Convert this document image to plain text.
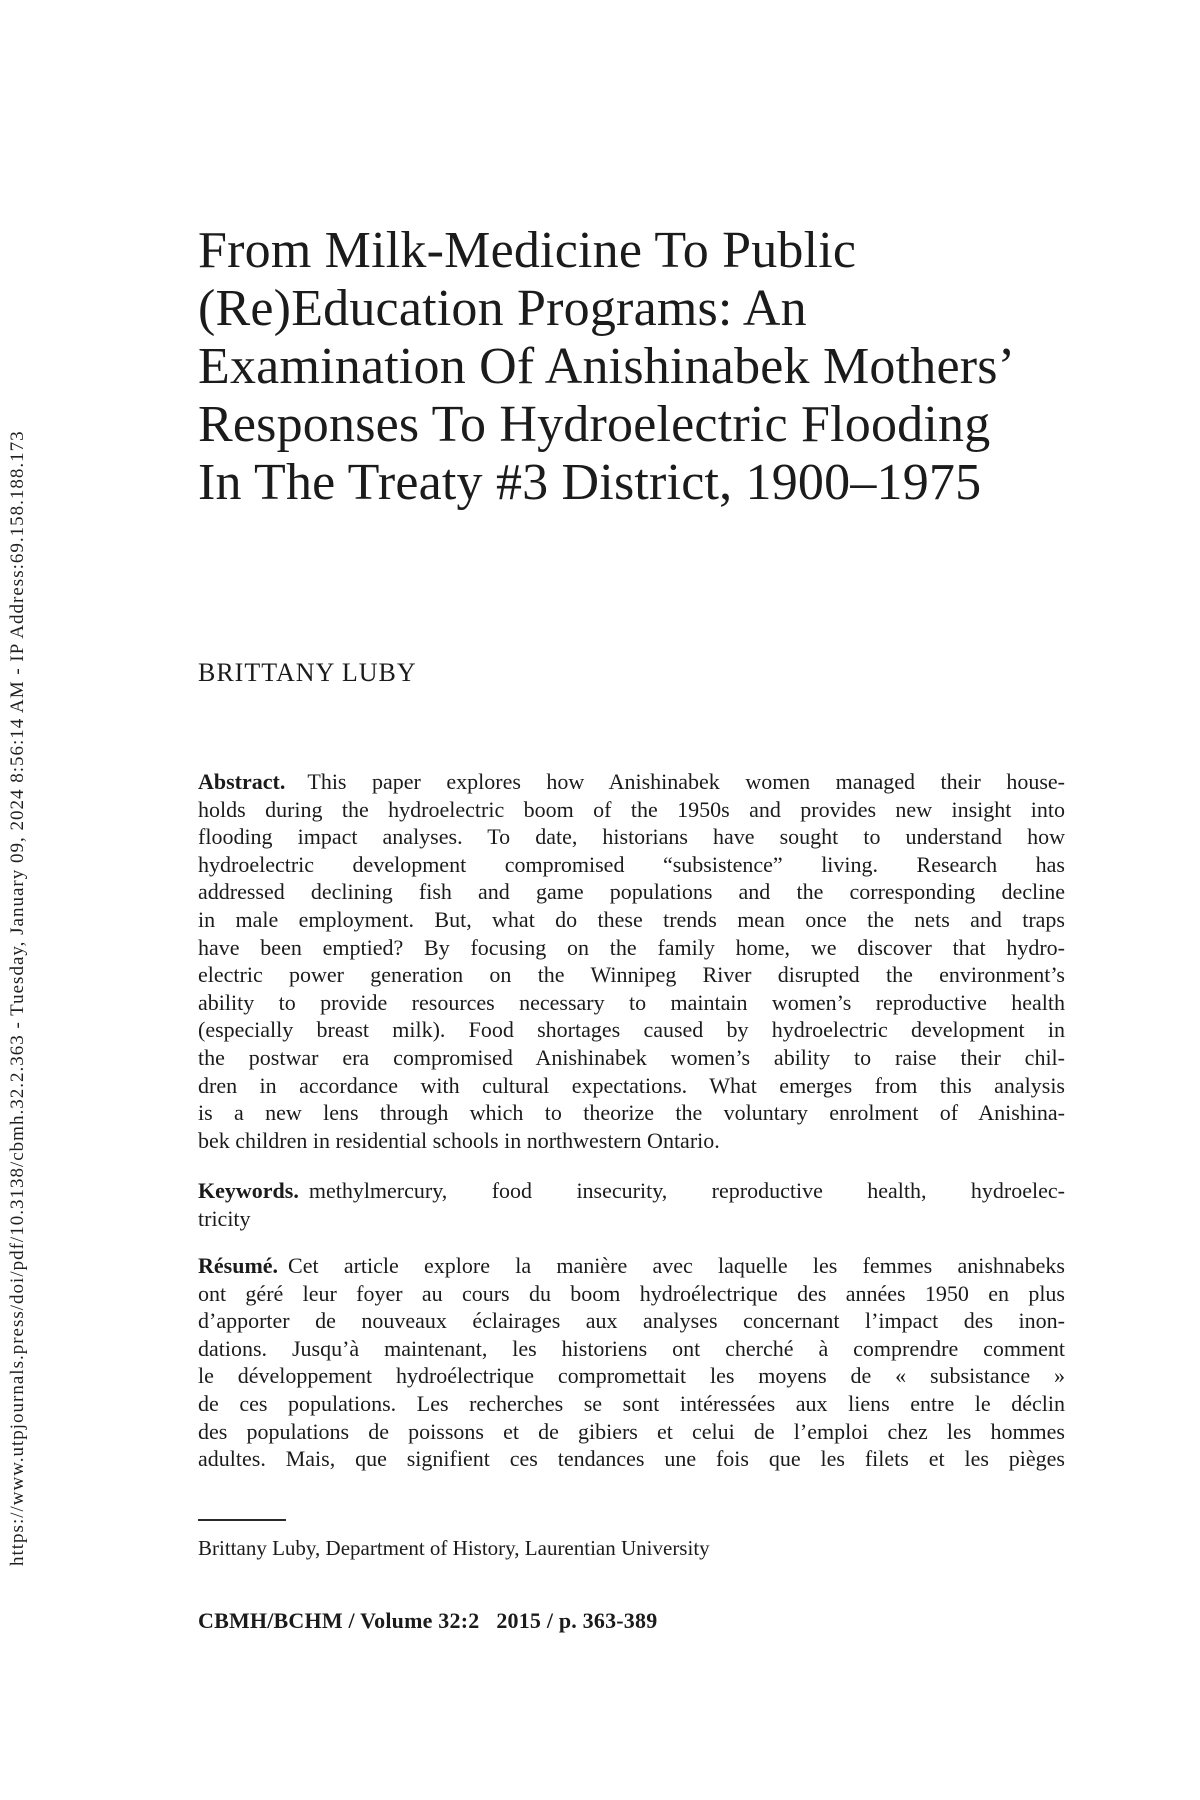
https://www.utpjournals.press/doi/pdf/10.3138/cbmh.32.2.363 - Tuesday, January 09, 2024 8:56:14 AM - IP Address:69.158.188.173
From Milk-Medicine To Public
(Re)Education Programs: An
Examination Of Anishinabek Mothers’
Responses To Hydroelectric Flooding
In The Treaty #3 District, 1900–1975
BRITTANY LUBY
Abstract. This paper explores how Anishinabek women managed their house-
holds during the hydroelectric boom of the 1950s and provides new insight into
flooding impact analyses. To date, historians have sought to understand how
hydroelectric development compromised “subsistence” living. Research has
addressed declining fish and game populations and the corresponding decline
in male employment. But, what do these trends mean once the nets and traps
have been emptied? By focusing on the family home, we discover that hydro-
electric power generation on the Winnipeg River disrupted the environment’s
ability to provide resources necessary to maintain women’s reproductive health
(especially breast milk). Food shortages caused by hydroelectric development in
the postwar era compromised Anishinabek women’s ability to raise their chil-
dren in accordance with cultural expectations. What emerges from this analysis
is a new lens through which to theorize the voluntary enrolment of Anishina-
bek children in residential schools in northwestern Ontario.
Keywords. methylmercury, food insecurity, reproductive health, hydroelec-
tricity
Résumé. Cet article explore la manière avec laquelle les femmes anishnabeks
ont géré leur foyer au cours du boom hydroélectrique des années 1950 en plus
d’apporter de nouveaux éclairages aux analyses concernant l’impact des inon-
dations. Jusqu’à maintenant, les historiens ont cherché à comprendre comment
le développement hydroélectrique compromettait les moyens de « subsistance »
de ces populations. Les recherches se sont intéressées aux liens entre le déclin
des populations de poissons et de gibiers et celui de l’emploi chez les hommes
adultes. Mais, que signifient ces tendances une fois que les filets et les pièges
Brittany Luby, Department of History, Laurentian University
CBMH/BCHM / Volume 32:2  2015 / p. 363-389
